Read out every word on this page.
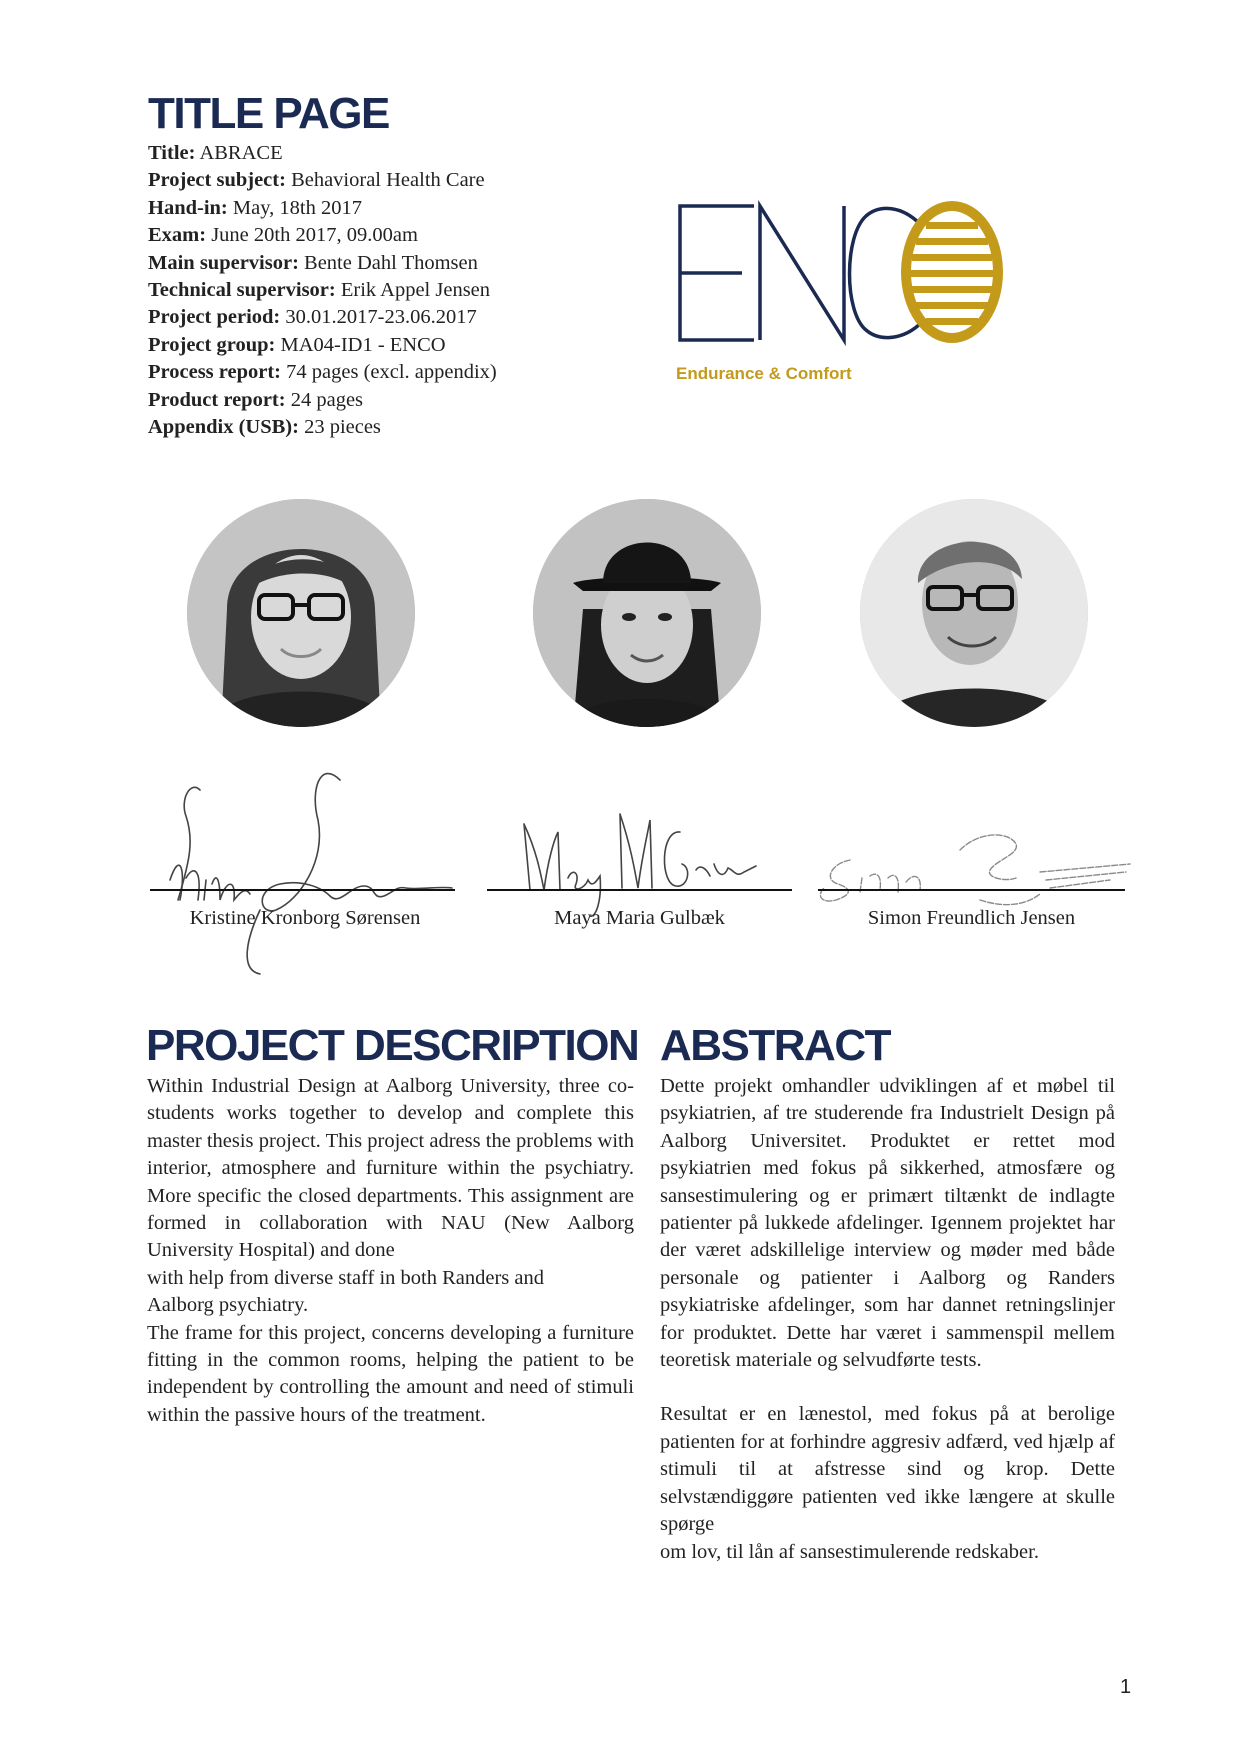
TITLE PAGE
Title: ABRACE
Project subject: Behavioral Health Care
Hand-in: May, 18th 2017
Exam: June 20th 2017, 09.00am
Main supervisor: Bente Dahl Thomsen
Technical supervisor: Erik Appel Jensen
Project period: 30.01.2017-23.06.2017
Project group: MA04-ID1 - ENCO
Process report: 74 pages (excl. appendix)
Product report: 24 pages
Appendix (USB): 23 pieces
Endurance & Comfort
Kristine Kronborg Sørensen	Maya Maria Gulbæk	Simon Freundlich Jensen
PROJECT DESCRIPTION

Within Industrial Design at Aalborg University, three co-students works together to develop and complete this master thesis project. This project adress the problems with interior, atmosphere and furniture within the psychiatry. More specific the closed departments. This assignment are formed in collaboration with NAU (New Aalborg University Hospital) and done

with help from diverse staff in both Randers and

Aalborg psychiatry.

The frame for this project, concerns developing a furniture fitting in the common rooms, helping the patient to be independent by controlling the amount and need of stimuli within the passive hours of the treatment.

ABSTRACT

Dette projekt omhandler udviklingen af et møbel til psykiatrien, af tre studerende fra Industrielt Design på Aalborg Universitet. Produktet er rettet mod psykiatrien med fokus på sikkerhed, atmosfære og sansestimulering og er primært tiltænkt de indlagte patienter på lukkede afdelinger. Igennem projektet har der været adskillelige interview og møder med både personale og patienter i Aalborg og Randers psykiatriske afdelinger, som har dannet retningslinjer for produktet. Dette har været i sammenspil mellem teoretisk materiale og selvudførte tests.

Resultat er en lænestol, med fokus på at berolige patienten for at forhindre aggresiv adfærd, ved hjælp af stimuli til at afstresse sind og krop. Dette selvstændiggøre patienten ved ikke længere at skulle spørge

om lov, til lån af sansestimulerende redskaber.

1
